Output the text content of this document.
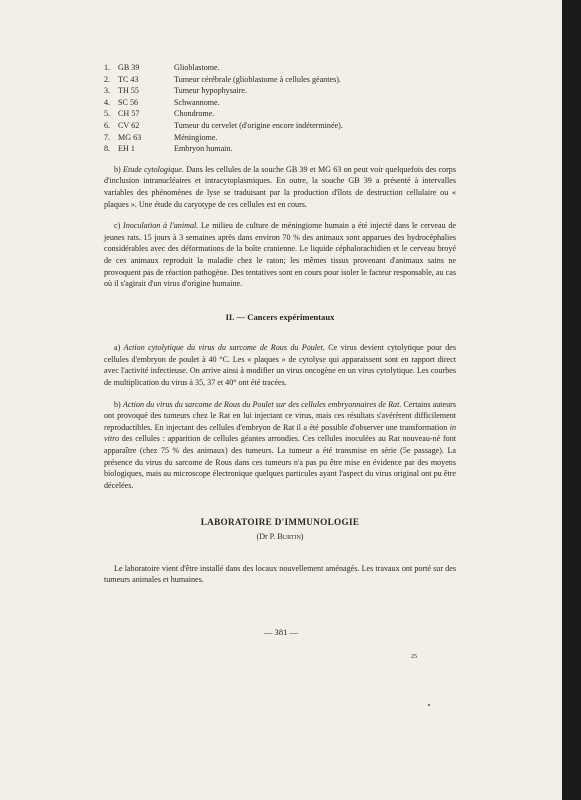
1. GB 39	Glioblastome.
2. TC 43	Tumeur cérébrale (glioblastome à cellules géantes).
3. TH 55	Tumeur hypophysaire.
4. SC 56	Schwannome.
5. CH 57	Chondrome.
6. CV 62	Tumeur du cervelet (d'origine encore indéterminée).
7. MG 63	Méningiome.
8. EH 1	Embryon humain.

b) Etude cytologique. Dans les cellules de la souche GB 39 et MG 63 on peut voir quelquefois des corps d'inclusion intranucléaires et intracytoplasmiques. En outre, la souche GB 39 a présenté à intervalles variables des phénomènes de lyse se traduisant par la production d'îlots de destruction cellulaire ou « plaques ». Une étude du caryotype de ces cellules est en cours.

c) Inoculation à l'animal. Le milieu de culture de méningiome humain a été injecté dans le cerveau de jeunes rats. 15 jours à 3 semaines après dans environ 70 % des animaux sont apparues des hydrocéphalies considérables avec des déformations de la boîte cranienne. Le liquide céphalorachidien et le cerveau broyé de ces animaux reproduit la maladie chez le raton; les mêmes tissus provenant d'animaux sains ne provoquent pas de réaction pathogène. Des tentatives sont en cours pour isoler le facteur responsable, au cas où il s'agirait d'un virus d'origine humaine.

II. — Cancers expérimentaux

a) Action cytolytique du virus du sarcome de Rous du Poulet. Ce virus devient cytolytique pour des cellules d'embryon de poulet à 40 °C. Les « plaques » de cytolyse qui apparaissent sont en rapport direct avec l'activité infectieuse. On arrive ainsi à modifier un virus oncogène en un virus cytolytique. Les courbes de multiplication du virus à 35, 37 et 40° ont été tracées.

b) Action du virus du sarcome de Rous du Poulet sur des cellules embryonnaires de Rat. Certains auteurs ont provoqué des tumeurs chez le Rat en lui injectant ce virus, mais ces résultats s'avérèrent difficilement reproductibles. En injectant des cellules d'embryon de Rat il a été possible d'observer une transformation in vitro des cellules : apparition de cellules géantes arrondies. Ces cellules inoculées au Rat nouveau-né font apparaître (chez 75 % des animaux) des tumeurs. La tumeur a été transmise en série (5e passage). La présence du virus du sarcome de Rous dans ces tumeurs n'a pas pu être mise en évidence par des moyens biologiques, mais au microscope électronique quelques particules ayant l'aspect du virus original ont pu être décelées.

LABORATOIRE D'IMMUNOLOGIE
(Dr P. Burtin)

Le laboratoire vient d'être installé dans des locaux nouvellement aménagés. Les travaux ont porté sur des tumeurs animales et humaines.

— 381 —
25
